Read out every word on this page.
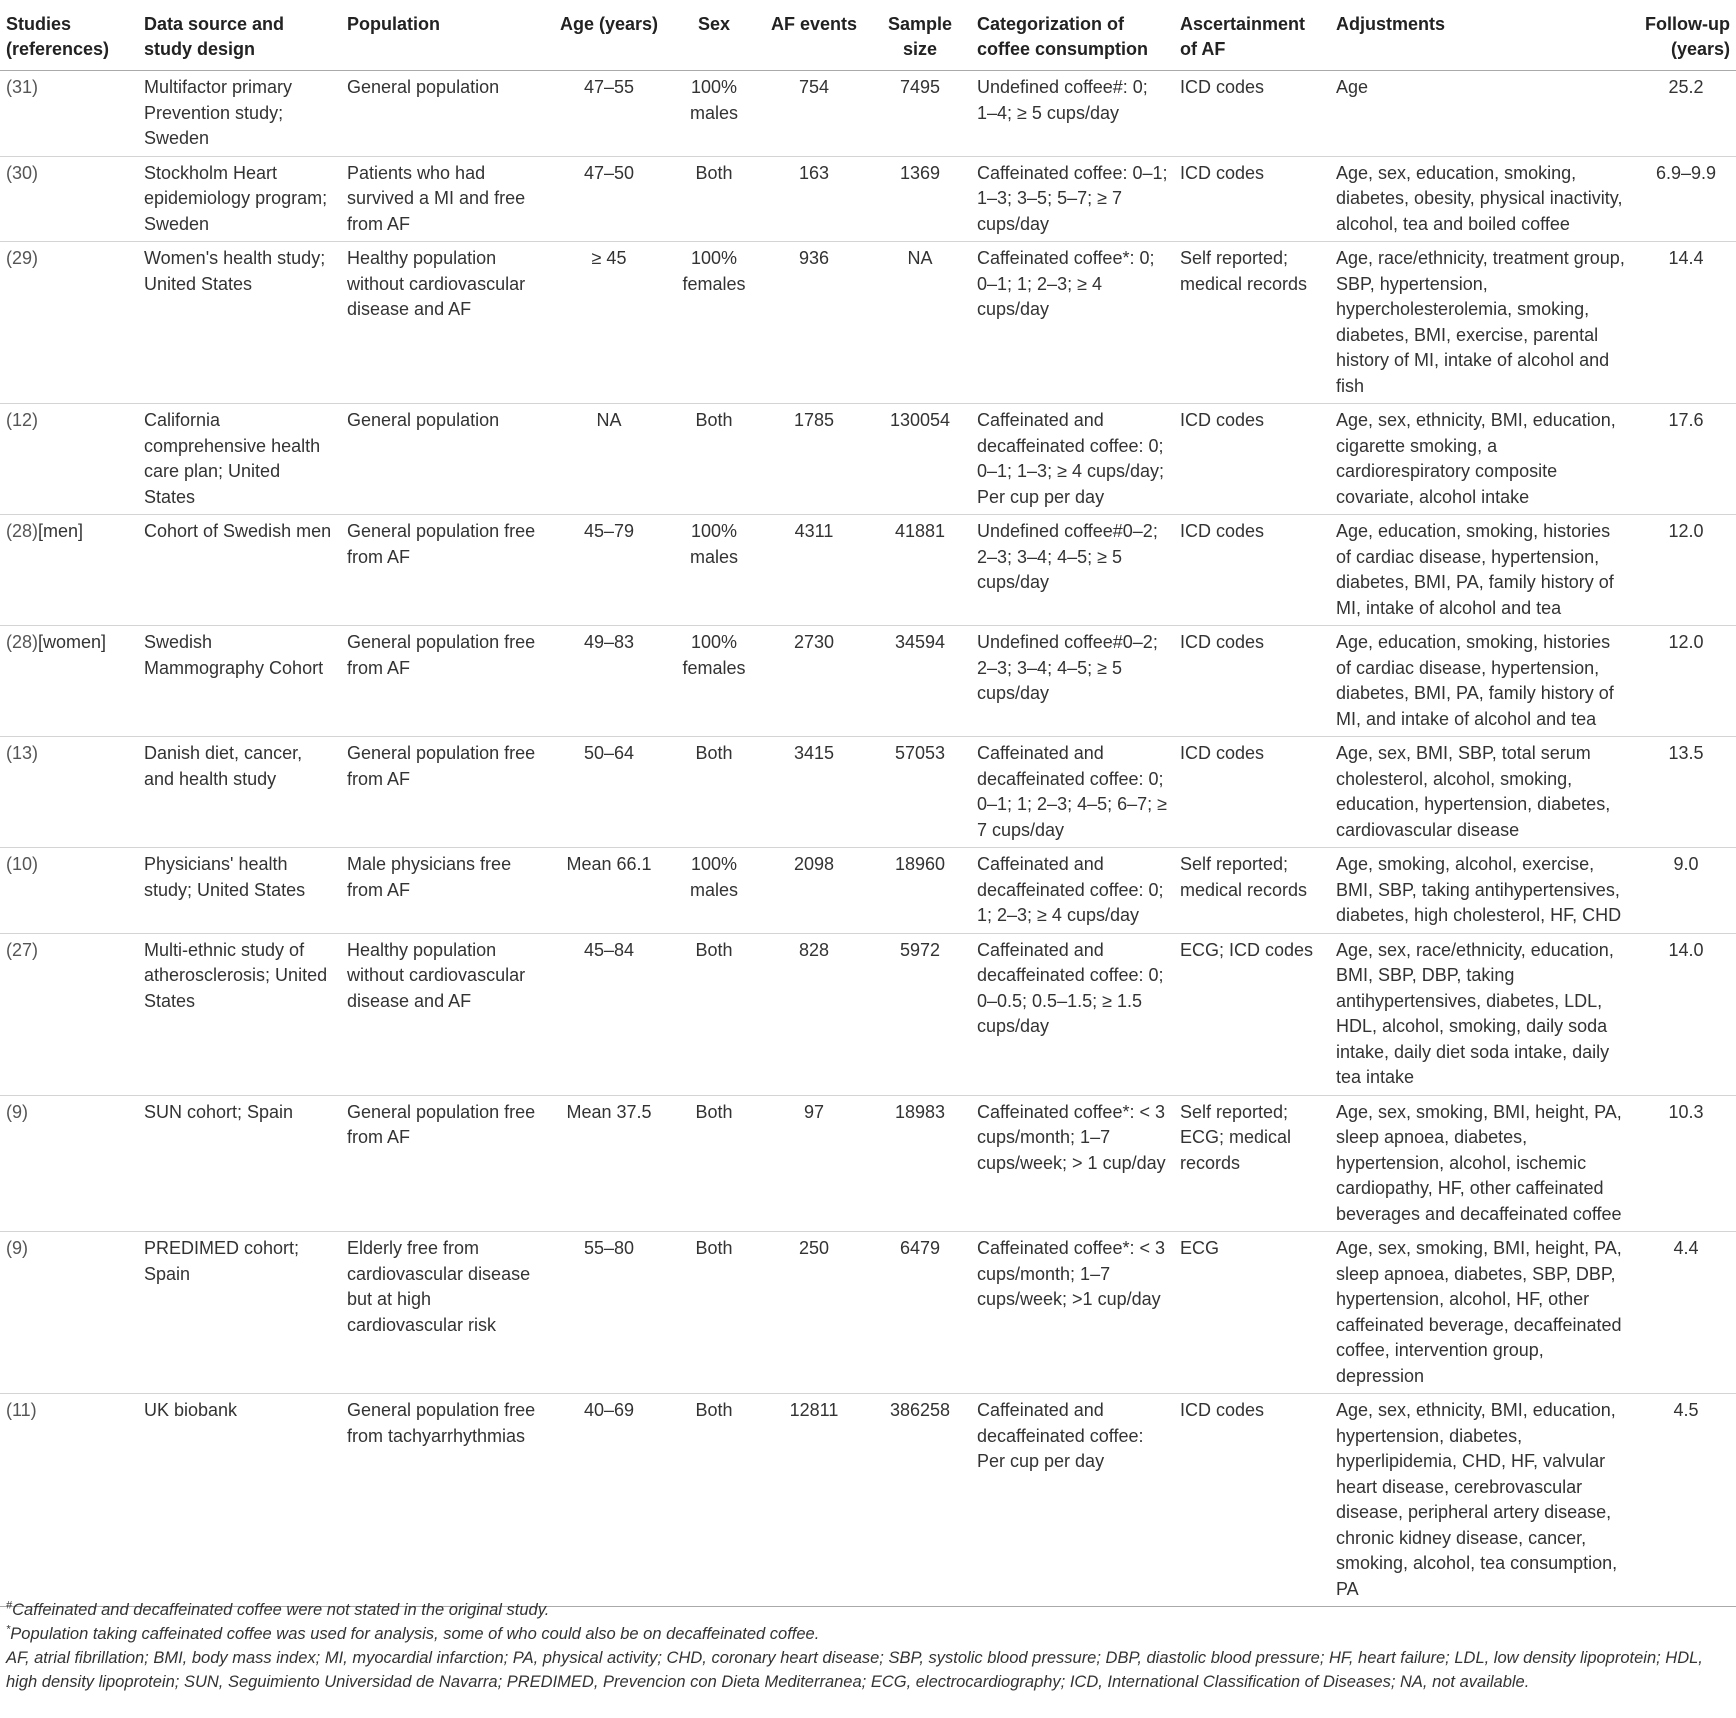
Studies (references)	Data source and study design	Population	Age (years)	Sex	AF events	Sample size	Categorization of coffee consumption	Ascertainment of AF	Adjustments	Follow-up (years)
(31)	Multifactor primary Prevention study; Sweden	General population	47–55	100% males	754	7495	Undefined coffee#: 0; 1–4; ≥ 5 cups/day	ICD codes	Age	25.2
(30)	Stockholm Heart epidemiology program; Sweden	Patients who had survived a MI and free from AF	47–50	Both	163	1369	Caffeinated coffee: 0–1; 1–3; 3–5; 5–7; ≥ 7 cups/day	ICD codes	Age, sex, education, smoking, diabetes, obesity, physical inactivity, alcohol, tea and boiled coffee	6.9–9.9
(29)	Women's health study; United States	Healthy population without cardiovascular disease and AF	≥ 45	100% females	936	NA	Caffeinated coffee*: 0; 0–1; 1; 2–3; ≥ 4 cups/day	Self reported; medical records	Age, race/ethnicity, treatment group, SBP, hypertension, hypercholesterolemia, smoking, diabetes, BMI, exercise, parental history of MI, intake of alcohol and fish	14.4
(12)	California comprehensive health care plan; United States	General population	NA	Both	1785	130054	Caffeinated and decaffeinated coffee: 0; 0–1; 1–3; ≥ 4 cups/day; Per cup per day	ICD codes	Age, sex, ethnicity, BMI, education, cigarette smoking, a cardiorespiratory composite covariate, alcohol intake	17.6
(28)[men]	Cohort of Swedish men	General population free from AF	45–79	100% males	4311	41881	Undefined coffee#0–2; 2–3; 3–4; 4–5; ≥ 5 cups/day	ICD codes	Age, education, smoking, histories of cardiac disease, hypertension, diabetes, BMI, PA, family history of MI, intake of alcohol and tea	12.0
(28)[women]	Swedish Mammography Cohort	General population free from AF	49–83	100% females	2730	34594	Undefined coffee#0–2; 2–3; 3–4; 4–5; ≥ 5 cups/day	ICD codes	Age, education, smoking, histories of cardiac disease, hypertension, diabetes, BMI, PA, family history of MI, and intake of alcohol and tea	12.0
(13)	Danish diet, cancer, and health study	General population free from AF	50–64	Both	3415	57053	Caffeinated and decaffeinated coffee: 0; 0–1; 1; 2–3; 4–5; 6–7; ≥ 7 cups/day	ICD codes	Age, sex, BMI, SBP, total serum cholesterol, alcohol, smoking, education, hypertension, diabetes, cardiovascular disease	13.5
(10)	Physicians' health study; United States	Male physicians free from AF	Mean 66.1	100% males	2098	18960	Caffeinated and decaffeinated coffee: 0; 1; 2–3; ≥ 4 cups/day	Self reported; medical records	Age, smoking, alcohol, exercise, BMI, SBP, taking antihypertensives, diabetes, high cholesterol, HF, CHD	9.0
(27)	Multi-ethnic study of atherosclerosis; United States	Healthy population without cardiovascular disease and AF	45–84	Both	828	5972	Caffeinated and decaffeinated coffee: 0; 0–0.5; 0.5–1.5; ≥ 1.5 cups/day	ECG; ICD codes	Age, sex, race/ethnicity, education, BMI, SBP, DBP, taking antihypertensives, diabetes, LDL, HDL, alcohol, smoking, daily soda intake, daily diet soda intake, daily tea intake	14.0
(9)	SUN cohort; Spain	General population free from AF	Mean 37.5	Both	97	18983	Caffeinated coffee*: < 3 cups/month; 1–7 cups/week; > 1 cup/day	Self reported; ECG; medical records	Age, sex, smoking, BMI, height, PA, sleep apnoea, diabetes, hypertension, alcohol, ischemic cardiopathy, HF, other caffeinated beverages and decaffeinated coffee	10.3
(9)	PREDIMED cohort; Spain	Elderly free from cardiovascular disease but at high cardiovascular risk	55–80	Both	250	6479	Caffeinated coffee*: < 3 cups/month; 1–7 cups/week; >1 cup/day	ECG	Age, sex, smoking, BMI, height, PA, sleep apnoea, diabetes, SBP, DBP, hypertension, alcohol, HF, other caffeinated beverage, decaffeinated coffee, intervention group, depression	4.4
(11)	UK biobank	General population free from tachyarrhythmias	40–69	Both	12811	386258	Caffeinated and decaffeinated coffee: Per cup per day	ICD codes	Age, sex, ethnicity, BMI, education, hypertension, diabetes, hyperlipidemia, CHD, HF, valvular heart disease, cerebrovascular disease, peripheral artery disease, chronic kidney disease, cancer, smoking, alcohol, tea consumption, PA	4.5

#Caffeinated and decaffeinated coffee were not stated in the original study.

*Population taking caffeinated coffee was used for analysis, some of who could also be on decaffeinated coffee.

AF, atrial fibrillation; BMI, body mass index; MI, myocardial infarction; PA, physical activity; CHD, coronary heart disease; SBP, systolic blood pressure; DBP, diastolic blood pressure; HF, heart failure; LDL, low density lipoprotein; HDL, high density lipoprotein; SUN, Seguimiento Universidad de Navarra; PREDIMED, Prevencion con Dieta Mediterranea; ECG, electrocardiography; ICD, International Classification of Diseases; NA, not available.
